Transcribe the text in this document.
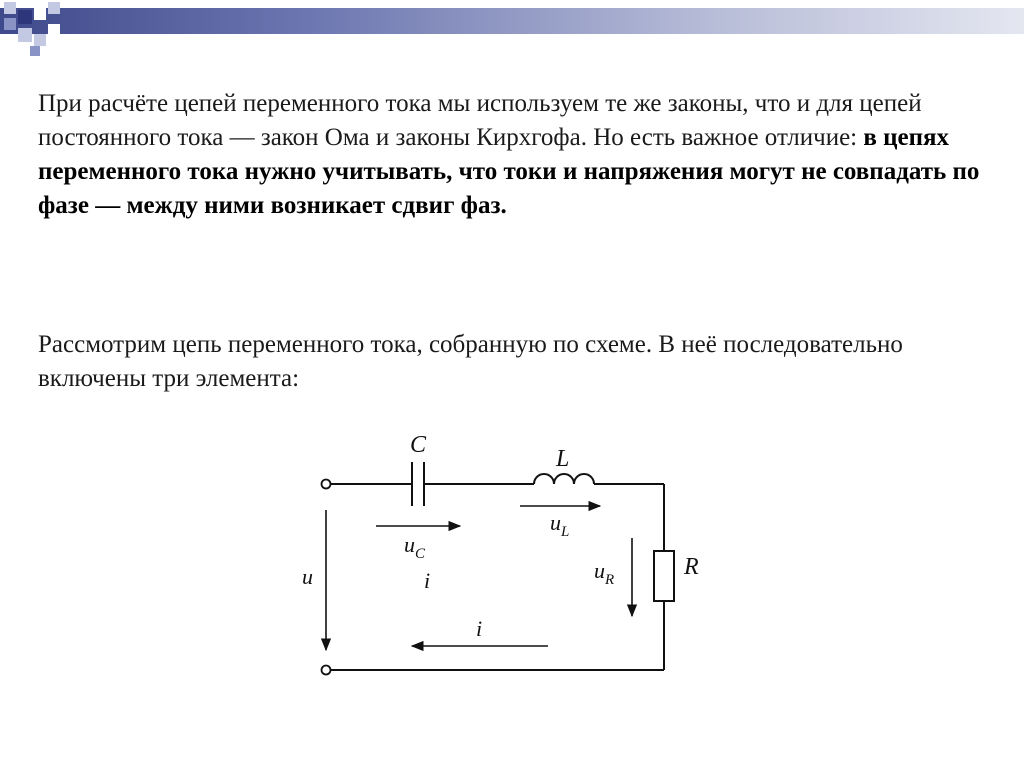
При расчёте цепей переменного тока мы используем те же законы, что и для цепей постоянного тока — закон Ома и законы Кирхгофа. Но есть важное отличие: в цепях переменного тока нужно учитывать, что токи и напряжения могут не совпадать по фазе — между ними возникает сдвиг фаз.
Рассмотрим цепь переменного тока, собранную по схеме. В неё последовательно включены три элемента:
C
L
R
u
$u_C$
$u_L$
$u_R$
i
i
